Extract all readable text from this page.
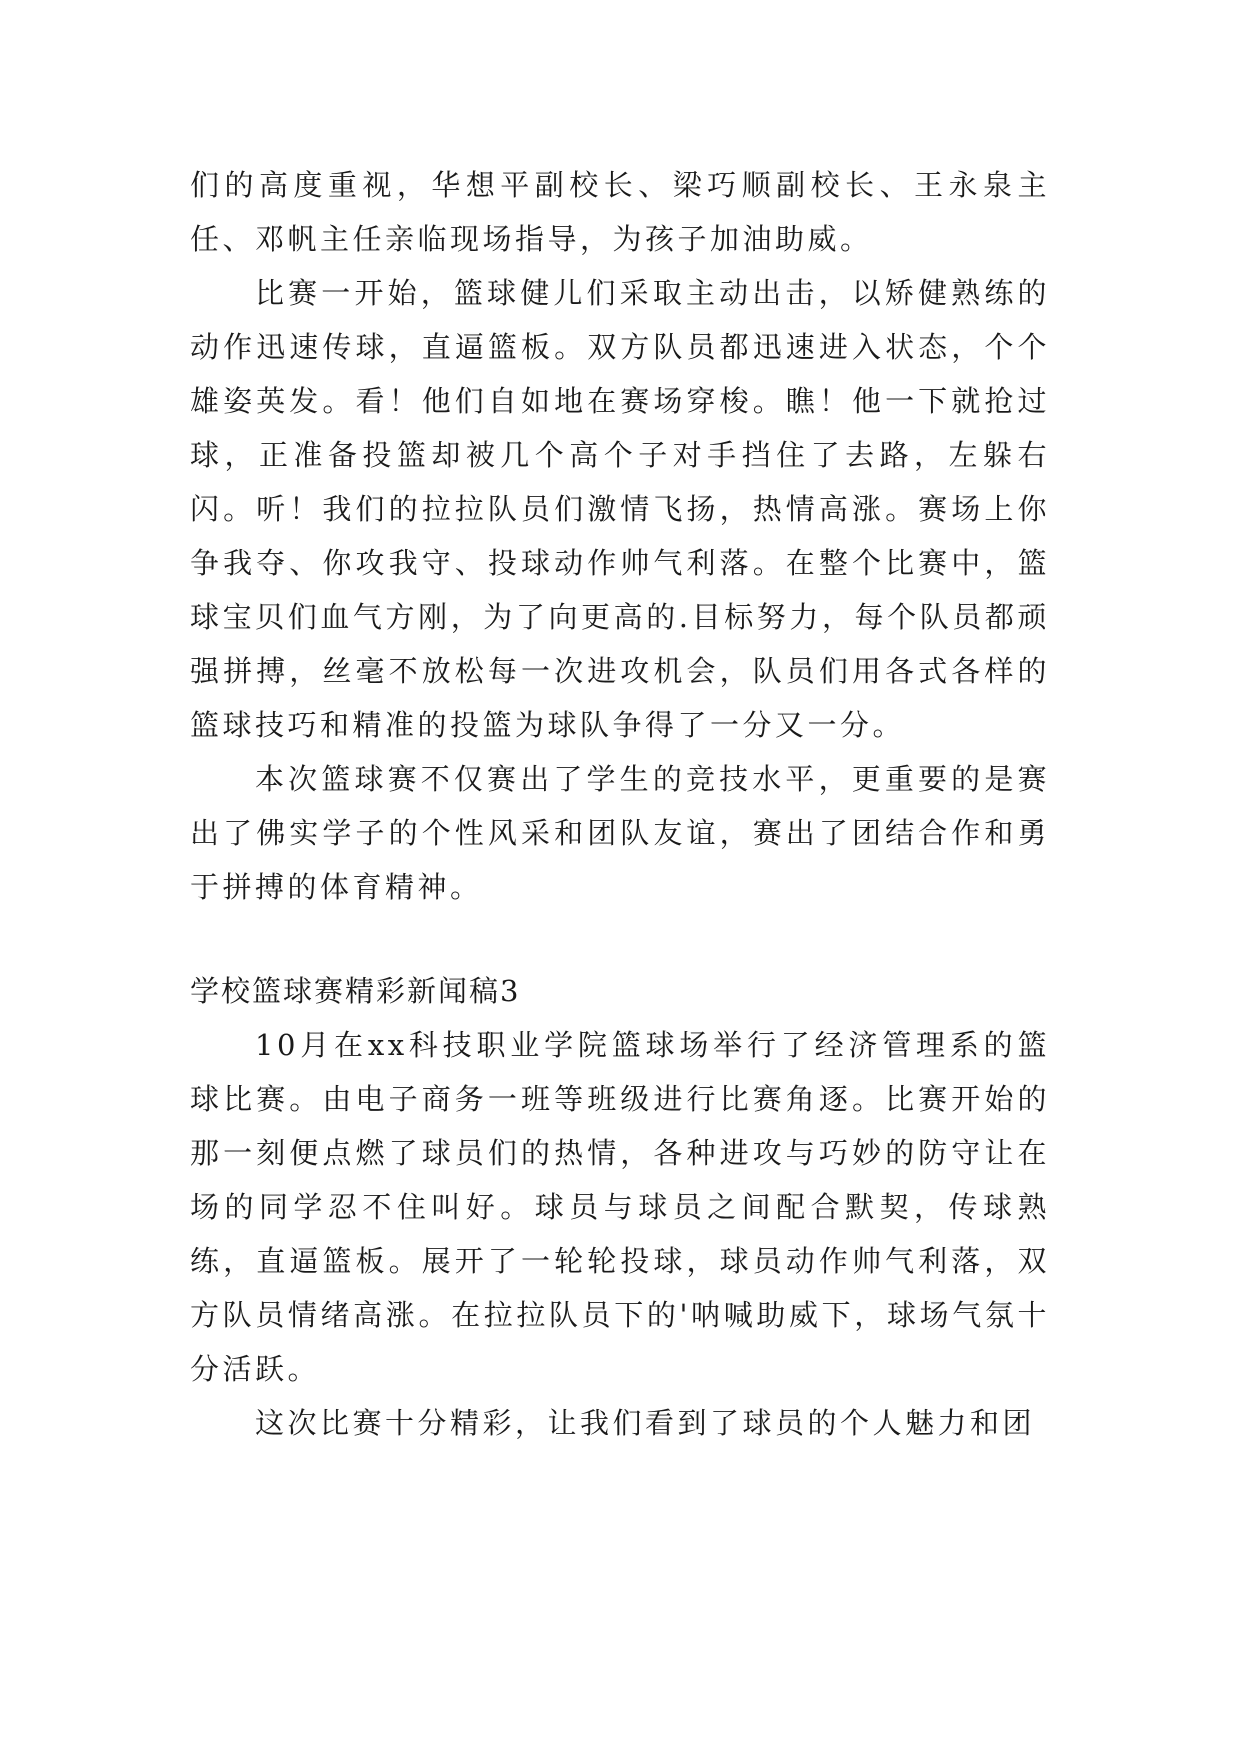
们的高度重视，华想平副校长、梁巧顺副校长、王永泉主任、邓帆主任亲临现场指导，为孩子加油助威。

比赛一开始，篮球健儿们采取主动出击，以矫健熟练的动作迅速传球，直逼篮板。双方队员都迅速进入状态，个个雄姿英发。看！他们自如地在赛场穿梭。瞧！他一下就抢过球，正准备投篮却被几个高个子对手挡住了去路，左躲右闪。听！我们的拉拉队员们激情飞扬，热情高涨。赛场上你争我夺、你攻我守、投球动作帅气利落。在整个比赛中，篮球宝贝们血气方刚，为了向更高的.目标努力，每个队员都顽强拼搏，丝毫不放松每一次进攻机会，队员们用各式各样的篮球技巧和精准的投篮为球队争得了一分又一分。

本次篮球赛不仅赛出了学生的竞技水平，更重要的是赛出了佛实学子的个性风采和团队友谊，赛出了团结合作和勇于拼搏的体育精神。

学校篮球赛精彩新闻稿3

10月在xx科技职业学院篮球场举行了经济管理系的篮球比赛。由电子商务一班等班级进行比赛角逐。比赛开始的那一刻便点燃了球员们的热情，各种进攻与巧妙的防守让在场的同学忍不住叫好。球员与球员之间配合默契，传球熟练，直逼篮板。展开了一轮轮投球，球员动作帅气利落，双方队员情绪高涨。在拉拉队员下的'呐喊助威下，球场气氛十分活跃。

这次比赛十分精彩，让我们看到了球员的个人魅力和团
